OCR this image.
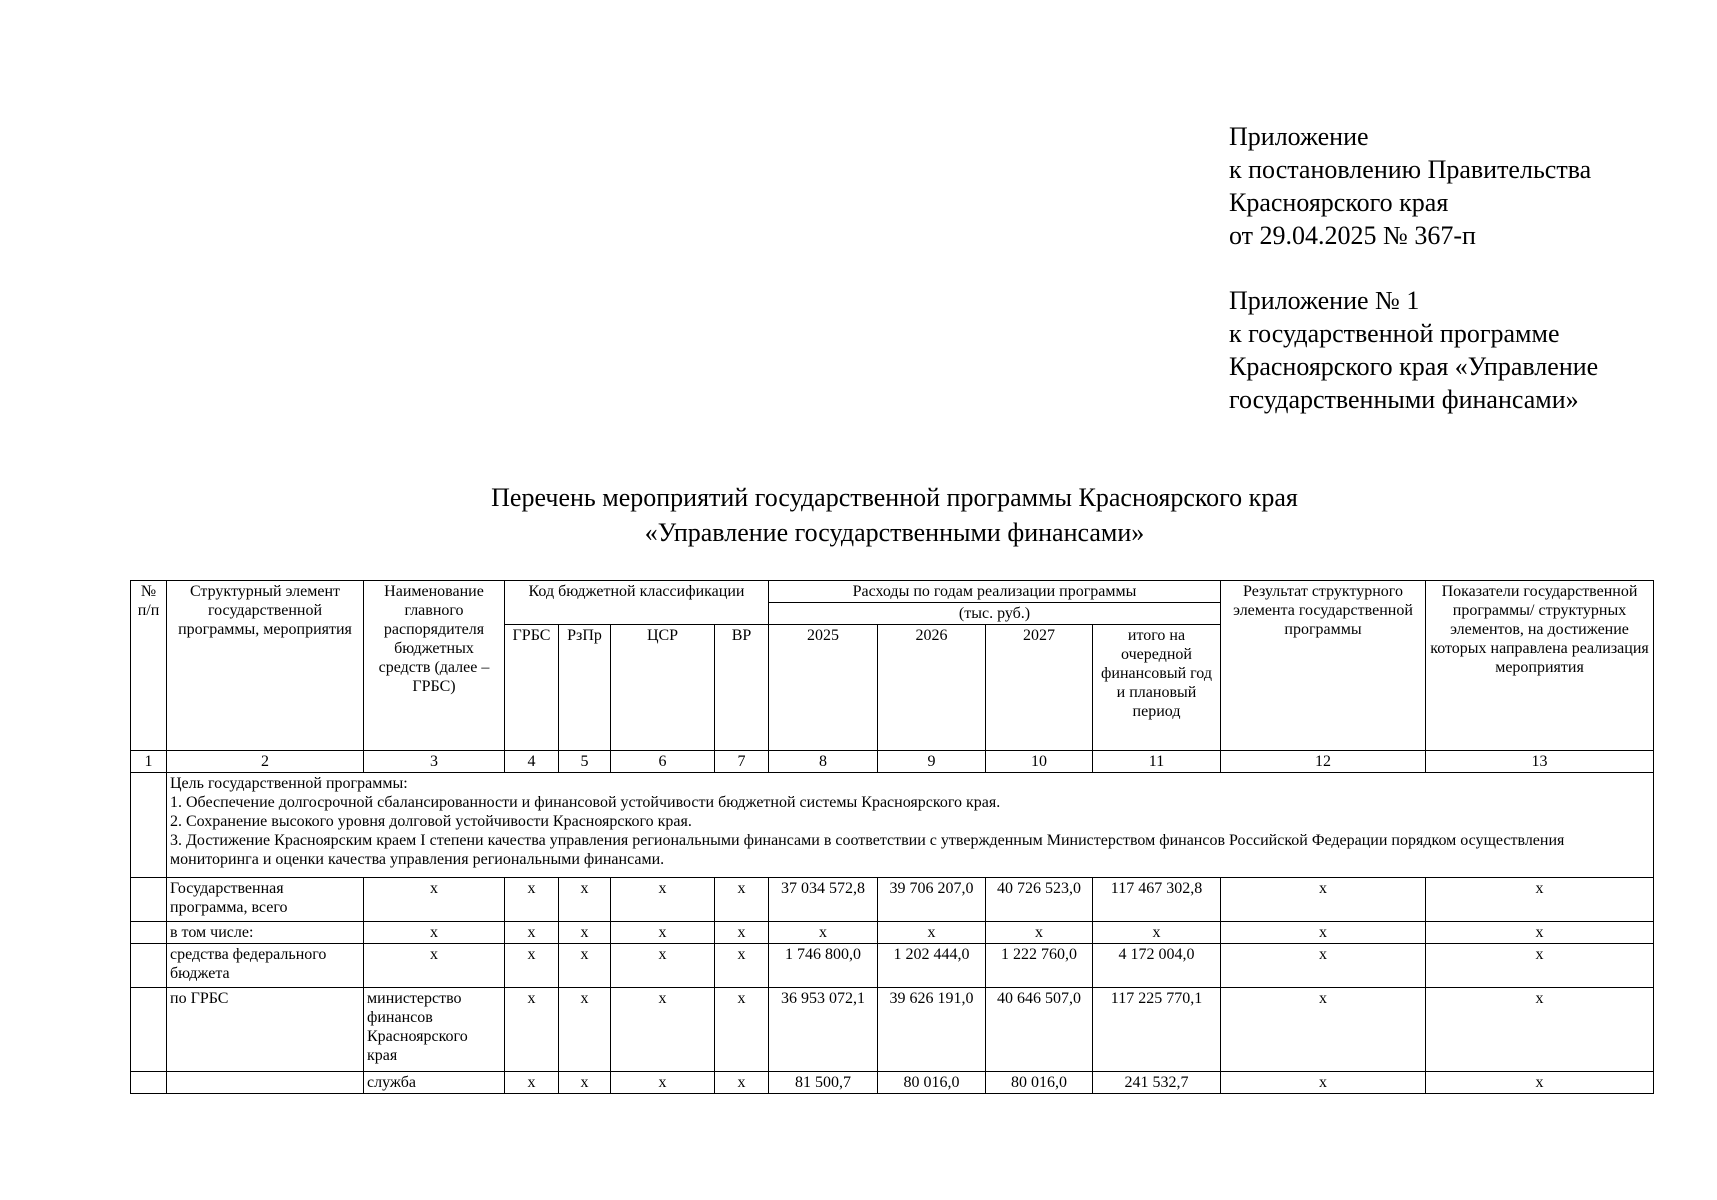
Приложение
к постановлению Правительства
Красноярского края
от 29.04.2025 № 367-п
Приложение № 1
к государственной программе
Красноярского края «Управление
государственными финансами»
Перечень мероприятий государственной программы Красноярского края
«Управление государственными финансами»
№ п/п	Структурный элемент государственной программы, мероприятия	Наименование главного распорядителя бюджетных средств (далее – ГРБС)	Код бюджетной классификации				Расходы по годам реализации программы				Результат структурного элемента государственной программы	Показатели государственной программы/ структурных элементов, на достижение которых направлена реализация мероприятия
							(тыс. руб.)					
			ГРБС	РзПр	ЦСР	ВР	2025	2026	2027	итого на очередной финансовый год и плановый период		
1	2	3	4	5	6	7	8	9	10	11	12	13

	Цель государственной программы:
1. Обеспечение долгосрочной сбалансированности и финансовой устойчивости бюджетной системы Красноярского края.
2. Сохранение высокого уровня долговой устойчивости Красноярского края.
3. Достижение Красноярским краем I степени качества управления региональными финансами в соответствии с утвержденным Министерством финансов Российской Федерации порядком осуществления мониторинга и оценки качества управления региональными финансами.											

	Государственная программа, всего	х	х	х	х	х	37 034 572,8	39 706 207,0	40 726 523,0	117 467 302,8	х	х
	в том числе:	х	х	х	х	х	х	х	х	х	х	х
	средства федерального бюджета	х	х	х	х	х	1 746 800,0	1 202 444,0	1 222 760,0	4 172 004,0	х	х
	по ГРБС	министерство финансов Красноярского края	х	х	х	х	36 953 072,1	39 626 191,0	40 646 507,0	117 225 770,1	х	х
		служба	х	х	х	х	81 500,7	80 016,0	80 016,0	241 532,7	х	х
